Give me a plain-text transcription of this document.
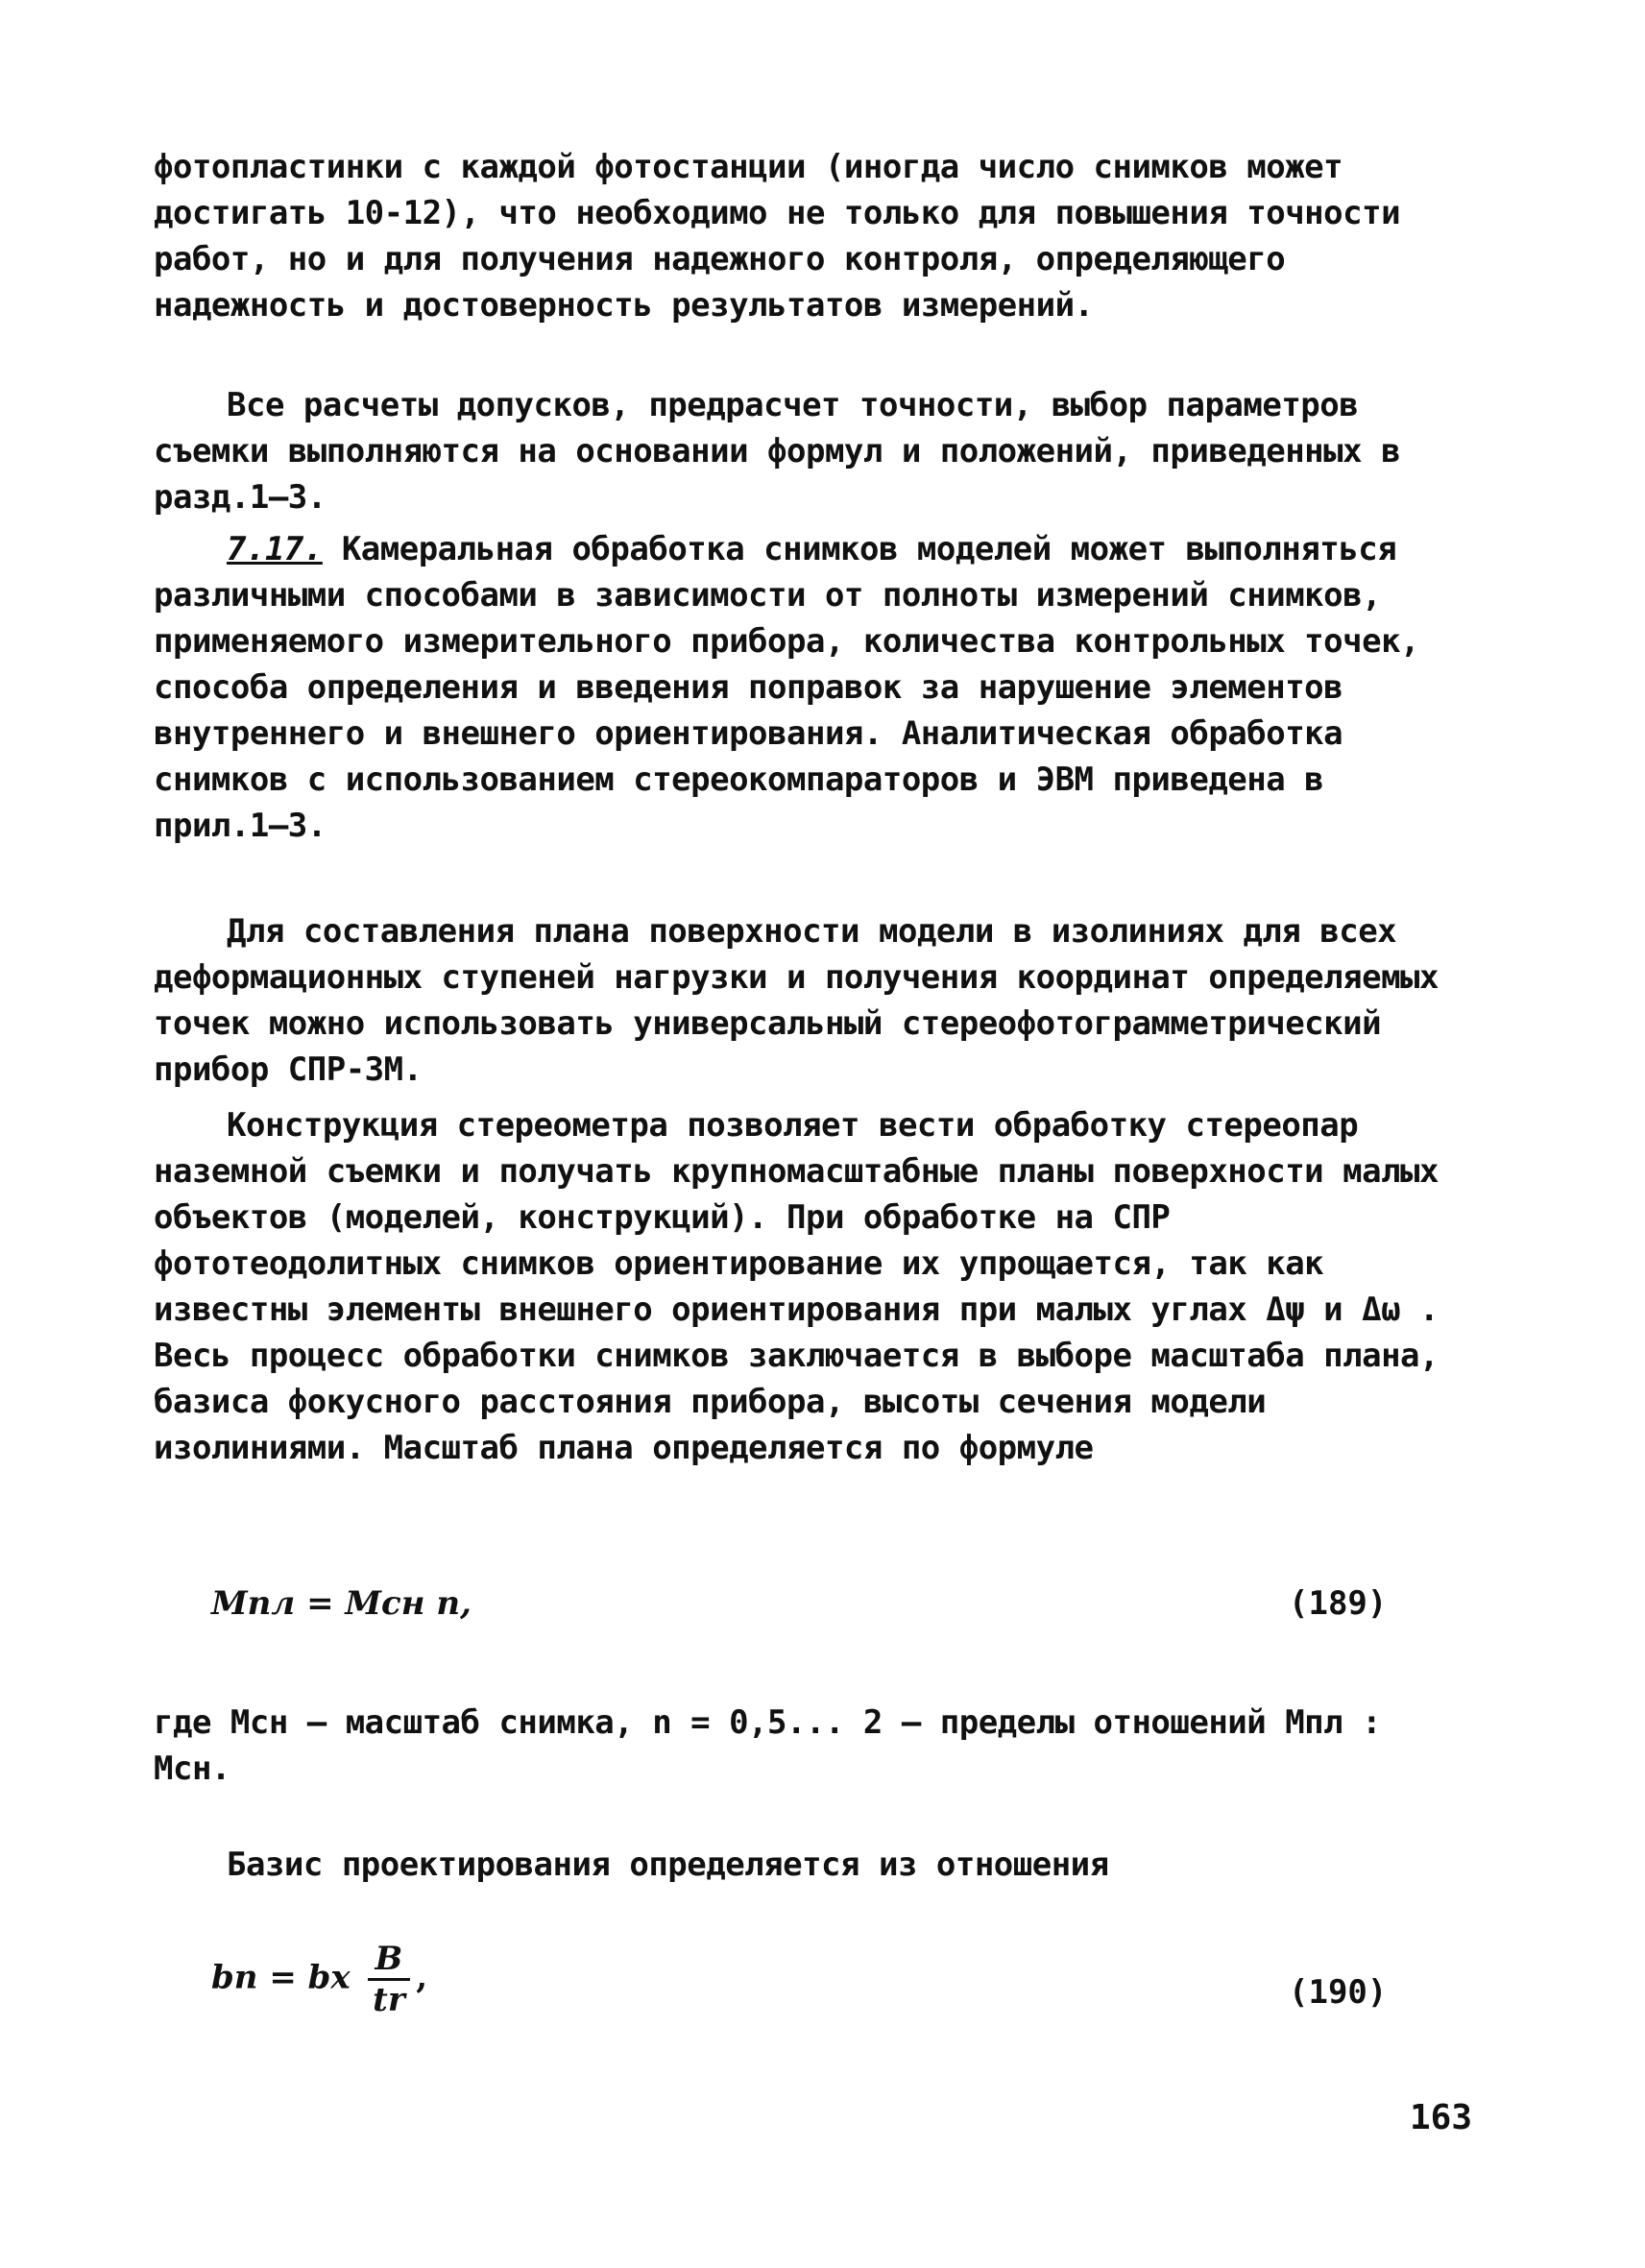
фотопластинки с каждой фотостанции (иногда число снимков может достигать 10-12), что необходимо не только для повышения точности работ, но и для получения надежного контроля, определяющего надежность и достоверность результатов измерений.

Все расчеты допусков, предрасчет точности, выбор параметров съемки выполняются на основании формул и положений, приведенных в разд.1–3.

7.17. Камеральная обработка снимков моделей может выполняться различными способами в зависимости от полноты измерений снимков, применяемого измерительного прибора, количества контрольных точек, способа определения и введения поправок за нарушение элементов внутреннего и внешнего ориентирования. Аналитическая обработка снимков с использованием стереокомпараторов и ЭВМ приведена в прил.1–3.

Для составления плана поверхности модели в изолиниях для всех деформационных ступеней нагрузки и получения координат определяемых точек можно использовать универсальный стереофотограмметрический прибор СПР-3М.

Конструкция стереометра позволяет вести обработку стереопар наземной съемки и получать крупномасштабные планы поверхности малых объектов (моделей, конструкций). При обработке на СПР фототеодолитных снимков ориентирование их упрощается, так как известны элементы внешнего ориентирования при малых углах Δψ и Δω . Весь процесс обработки снимков заключается в выборе масштаба плана, базиса фокусного расстояния прибора, высоты сечения модели изолиниями. Масштаб плана определяется по формуле

Mпл = Mсн n,	(189)

где Mсн – масштаб снимка, n = 0,5... 2 – пределы отношений Mпл : Mсн.

Базис проектирования определяется из отношения

bп = bx $\frac{B}{tr}$ ,	(190)
163
